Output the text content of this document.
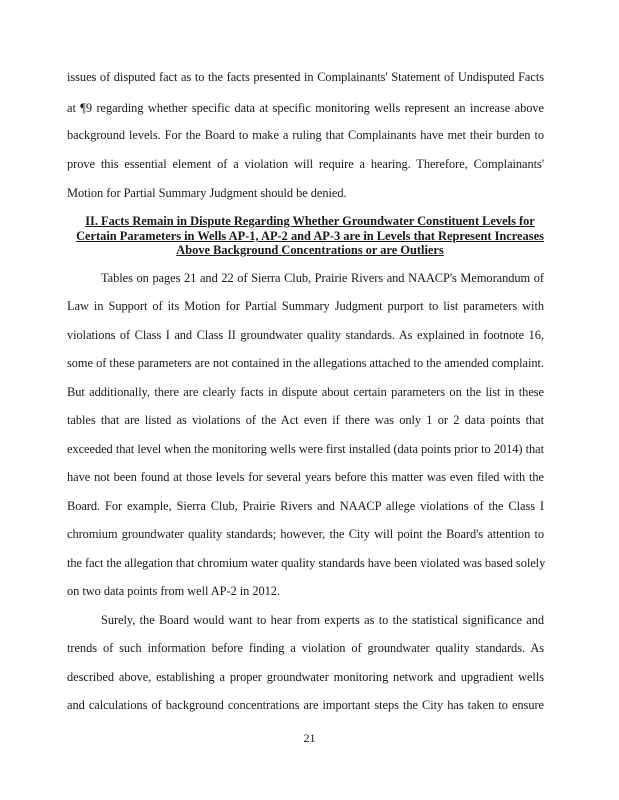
issues of disputed fact as to the facts presented in Complainants' Statement of Undisputed Facts
at ¶9 regarding whether specific data at specific monitoring wells represent an increase above
background levels. For the Board to make a ruling that Complainants have met their burden to
prove this essential element of a violation will require a hearing. Therefore, Complainants'
Motion for Partial Summary Judgment should be denied.
II. Facts Remain in Dispute Regarding Whether Groundwater Constituent Levels for
Certain Parameters in Wells AP-1, AP-2 and AP-3 are in Levels that Represent Increases
Above Background Concentrations or are Outliers
Tables on pages 21 and 22 of Sierra Club, Prairie Rivers and NAACP's Memorandum of
Law in Support of its Motion for Partial Summary Judgment purport to list parameters with
violations of Class I and Class II groundwater quality standards. As explained in footnote 16,
some of these parameters are not contained in the allegations attached to the amended complaint.
But additionally, there are clearly facts in dispute about certain parameters on the list in these
tables that are listed as violations of the Act even if there was only 1 or 2 data points that
exceeded that level when the monitoring wells were first installed (data points prior to 2014) that
have not been found at those levels for several years before this matter was even filed with the
Board. For example, Sierra Club, Prairie Rivers and NAACP allege violations of the Class I
chromium groundwater quality standards; however, the City will point the Board's attention to
the fact the allegation that chromium water quality standards have been violated was based solely
on two data points from well AP-2 in 2012.
Surely, the Board would want to hear from experts as to the statistical significance and
trends of such information before finding a violation of groundwater quality standards. As
described above, establishing a proper groundwater monitoring network and upgradient wells
and calculations of background concentrations are important steps the City has taken to ensure
21
